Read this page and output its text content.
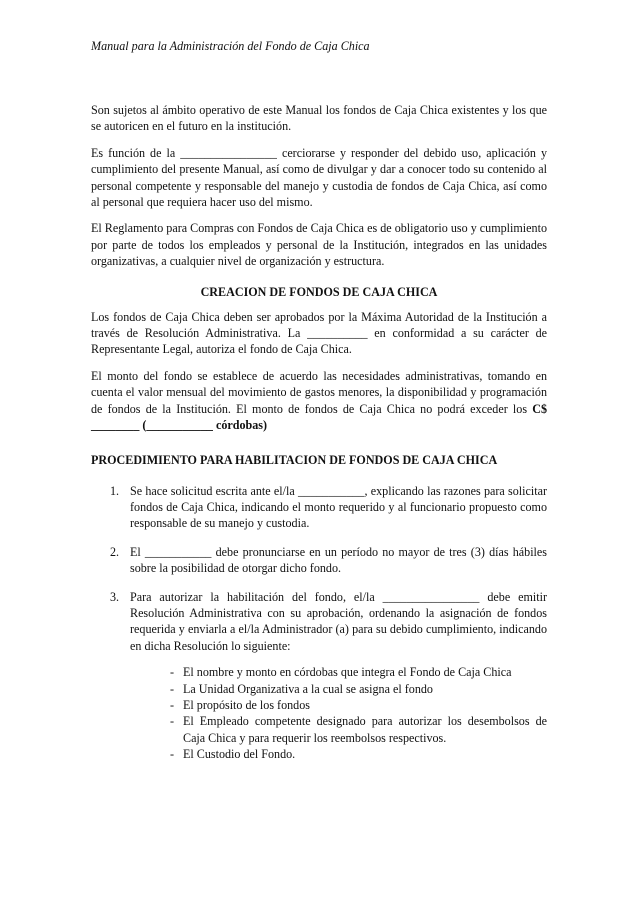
Manual para la Administración del Fondo de Caja Chica

Son sujetos al ámbito operativo de este Manual los fondos de Caja Chica existentes y los que se autoricen en el futuro en la institución.

Es función de la ________________ cerciorarse y responder del debido uso, aplicación y cumplimiento del presente Manual, así como de divulgar y dar a conocer todo su contenido al personal competente y responsable del manejo y custodia de fondos de Caja Chica, así como al personal que requiera hacer uso del mismo.

El Reglamento para Compras con Fondos de Caja Chica es de obligatorio uso y cumplimiento por parte de todos los empleados y personal de la Institución, integrados en las unidades organizativas, a cualquier nivel de organización y estructura.

CREACION DE FONDOS DE CAJA CHICA

Los fondos de Caja Chica deben ser aprobados por la Máxima Autoridad de la Institución a través de Resolución Administrativa. La __________ en conformidad a su carácter de Representante Legal, autoriza el fondo de Caja Chica.

El monto del fondo se establece de acuerdo las necesidades administrativas, tomando en cuenta el valor mensual del movimiento de gastos menores, la disponibilidad y programación de fondos de la Institución. El monto de fondos de Caja Chica no podrá exceder los C$ ________ (___________ córdobas)

PROCEDIMIENTO PARA HABILITACION DE FONDOS DE CAJA CHICA
1. Se hace solicitud escrita ante el/la ___________, explicando las razones para solicitar fondos de Caja Chica, indicando el monto requerido y al funcionario propuesto como responsable de su manejo y custodia.
2. El ___________ debe pronunciarse en un período no mayor de tres (3) días hábiles sobre la posibilidad de otorgar dicho fondo.
3. Para autorizar la habilitación del fondo, el/la ________________ debe emitir Resolución Administrativa con su aprobación, ordenando la asignación de fondos requerida y enviarla a el/la Administrador (a) para su debido cumplimiento, indicando en dicha Resolución lo siguiente:
- El nombre y monto en córdobas que integra el Fondo de Caja Chica
- La Unidad Organizativa a la cual se asigna el fondo
- El propósito de los fondos
- El Empleado competente designado para autorizar los desembolsos de Caja Chica y para requerir los reembolsos respectivos.
- El Custodio del Fondo.
